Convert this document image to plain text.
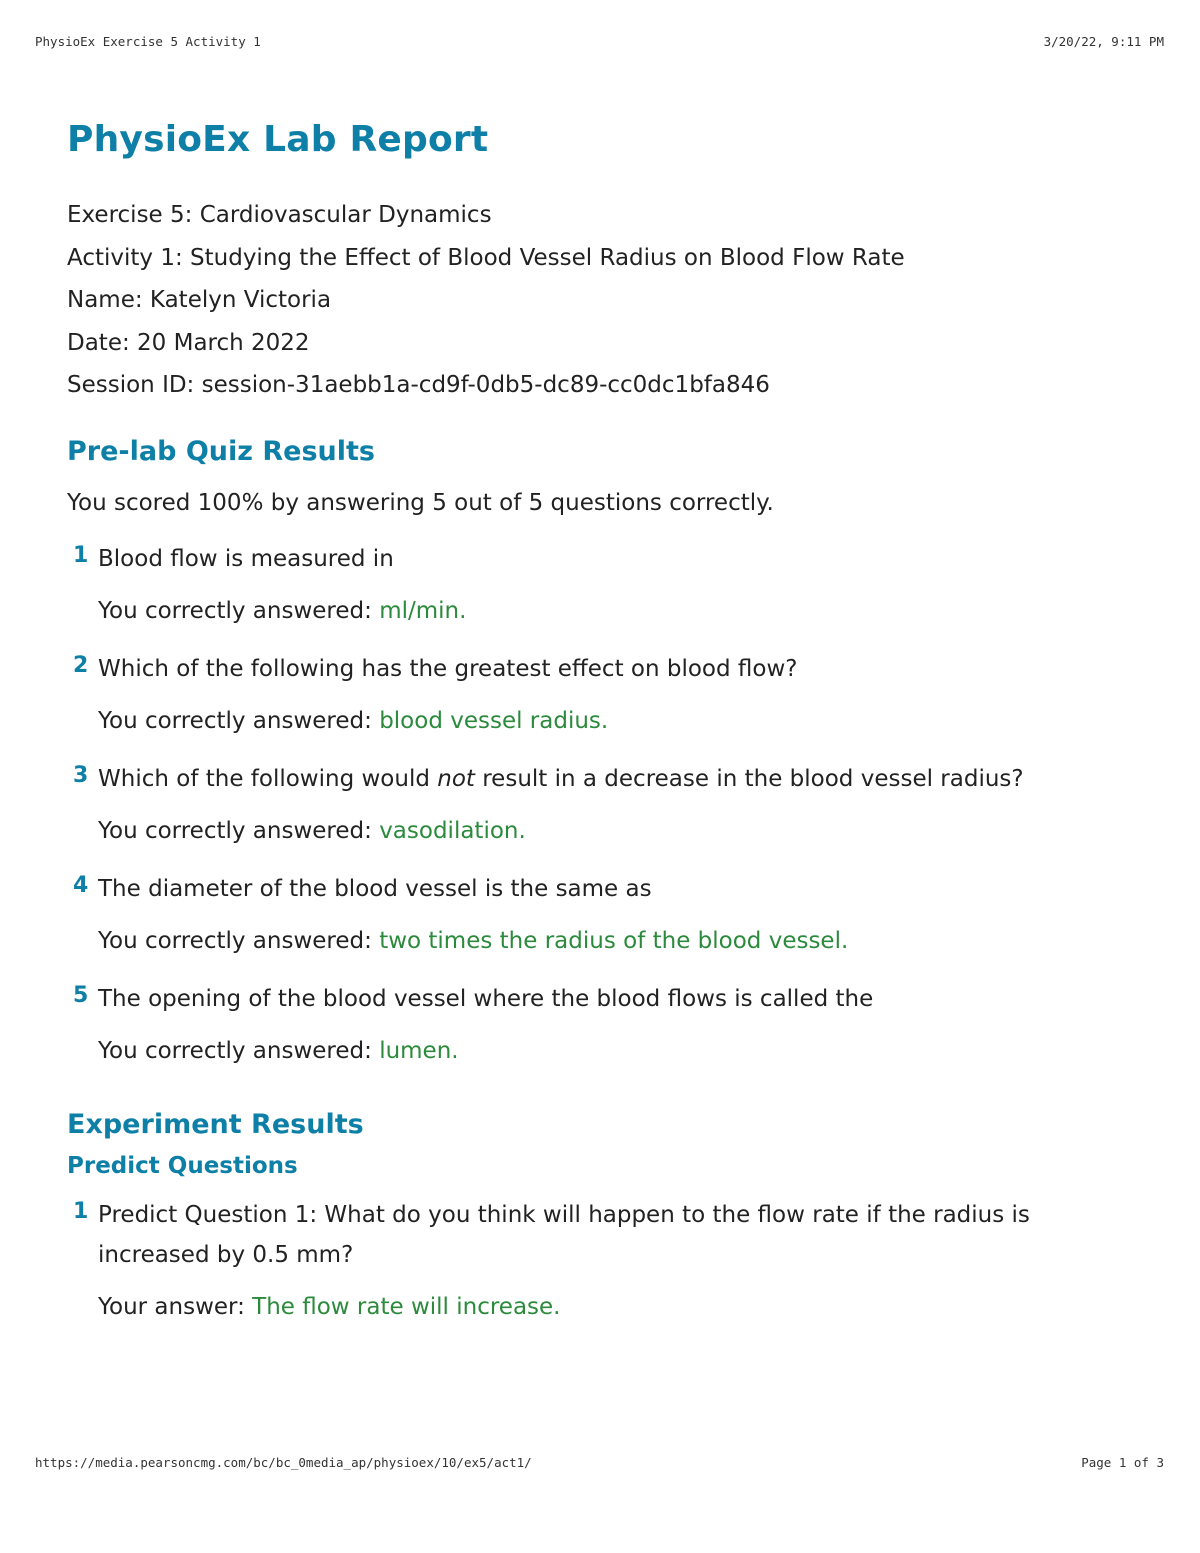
PhysioEx Exercise 5 Activity 1	3/20/22, 9:11 PM
PhysioEx Lab Report
Exercise 5: Cardiovascular Dynamics
Activity 1: Studying the Effect of Blood Vessel Radius on Blood Flow Rate
Name: Katelyn Victoria
Date: 20 March 2022
Session ID: session-31aebb1a-cd9f-0db5-dc89-cc0dc1bfa846
Pre-lab Quiz Results
You scored 100% by answering 5 out of 5 questions correctly.
1 Blood flow is measured in
You correctly answered: ml/min.
2 Which of the following has the greatest effect on blood flow?
You correctly answered: blood vessel radius.
3 Which of the following would not result in a decrease in the blood vessel radius?
You correctly answered: vasodilation.
4 The diameter of the blood vessel is the same as
You correctly answered: two times the radius of the blood vessel.
5 The opening of the blood vessel where the blood flows is called the
You correctly answered: lumen.
Experiment Results
Predict Questions
1 Predict Question 1: What do you think will happen to the flow rate if the radius is increased by 0.5 mm?
Your answer: The flow rate will increase.
https://media.pearsoncmg.com/bc/bc_0media_ap/physioex/10/ex5/act1/	Page 1 of 3
